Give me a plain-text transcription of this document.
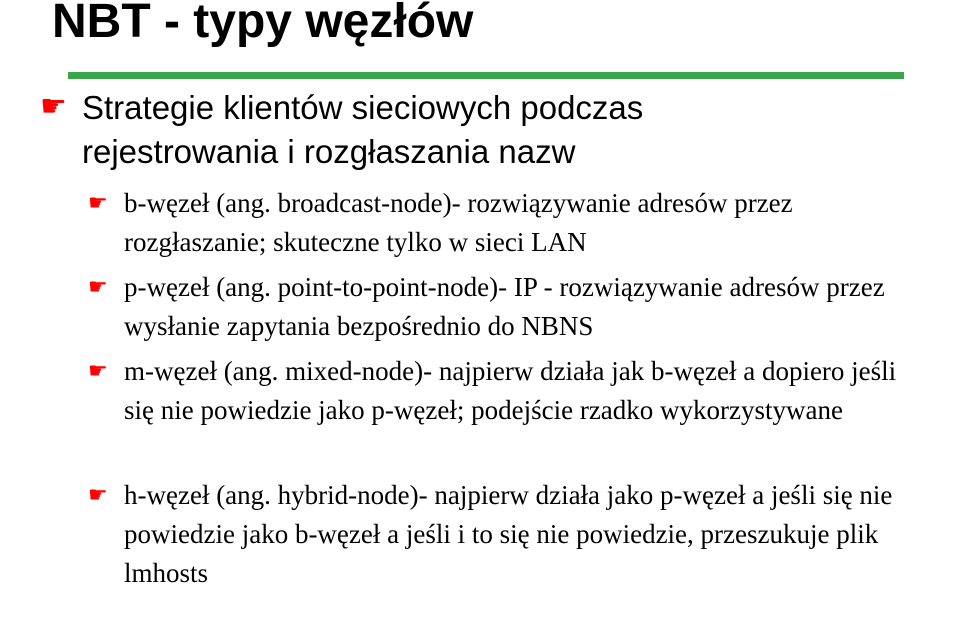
NBT - typy węzłów
☛ Strategie klientów sieciowych podczas rejestrowania i rozgłaszania nazw
☛ b-węzeł (ang. broadcast-node)- rozwiązywanie adresów przez rozgłaszanie; skuteczne tylko w sieci LAN
☛ p-węzeł (ang. point-to-point-node)- IP - rozwiązywanie adresów przez wysłanie zapytania bezpośrednio do NBNS
☛ m-węzeł (ang. mixed-node)- najpierw działa jak b-węzeł a dopiero jeśli się nie powiedzie jako p-węzeł; podejście rzadko wykorzystywane
☛ h-węzeł (ang. hybrid-node)- najpierw działa jako p-węzeł a jeśli się nie powiedzie jako b-węzeł a jeśli i to się nie powiedzie, przeszukuje plik lmhosts
